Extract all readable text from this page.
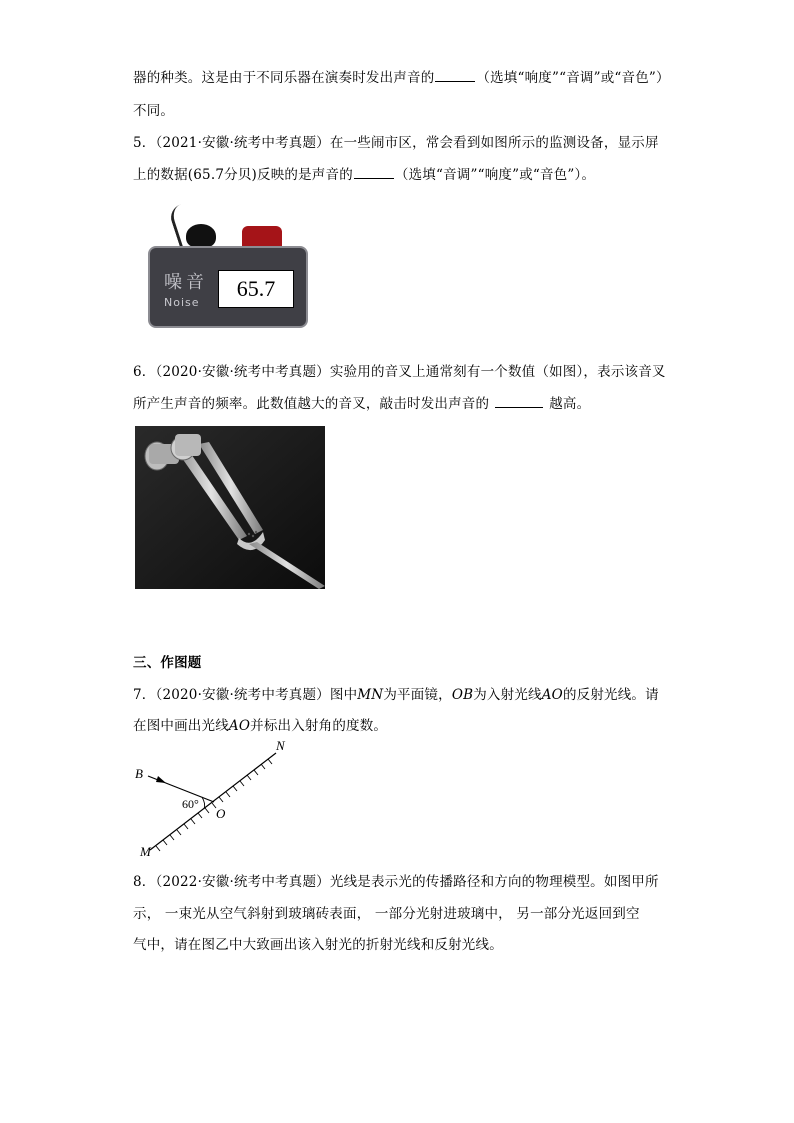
器的种类。这是由于不同乐器在演奏时发出声音的	（选填“响度”“音调”或“音色”）
不同。
5．（2021·安徽·统考中考真题）在一些闹市区，常会看到如图所示的监测设备，显示屏
上的数据(65.7分贝)反映的是声音的	（选填“音调”“响度”或“音色”）。
噪音
Noise
65.7
6．（2020·安徽·统考中考真题）实验用的音叉上通常刻有一个数值（如图），表示该音叉
所产生声音的频率。此数值越大的音叉，敲击时发出声音的	越高。
三、作图题
7．（2020·安徽·统考中考真题）图中MN为平面镜，OB为入射光线AO的反射光线。请
在图中画出光线AO并标出入射角的度数。
B
N
O
M
60°
8．（2022·安徽·统考中考真题）光线是表示光的传播路径和方向的物理模型。如图甲所
示， 一束光从空气斜射到玻璃砖表面， 一部分光射进玻璃中， 另一部分光返回到空
气中，请在图乙中大致画出该入射光的折射光线和反射光线。
